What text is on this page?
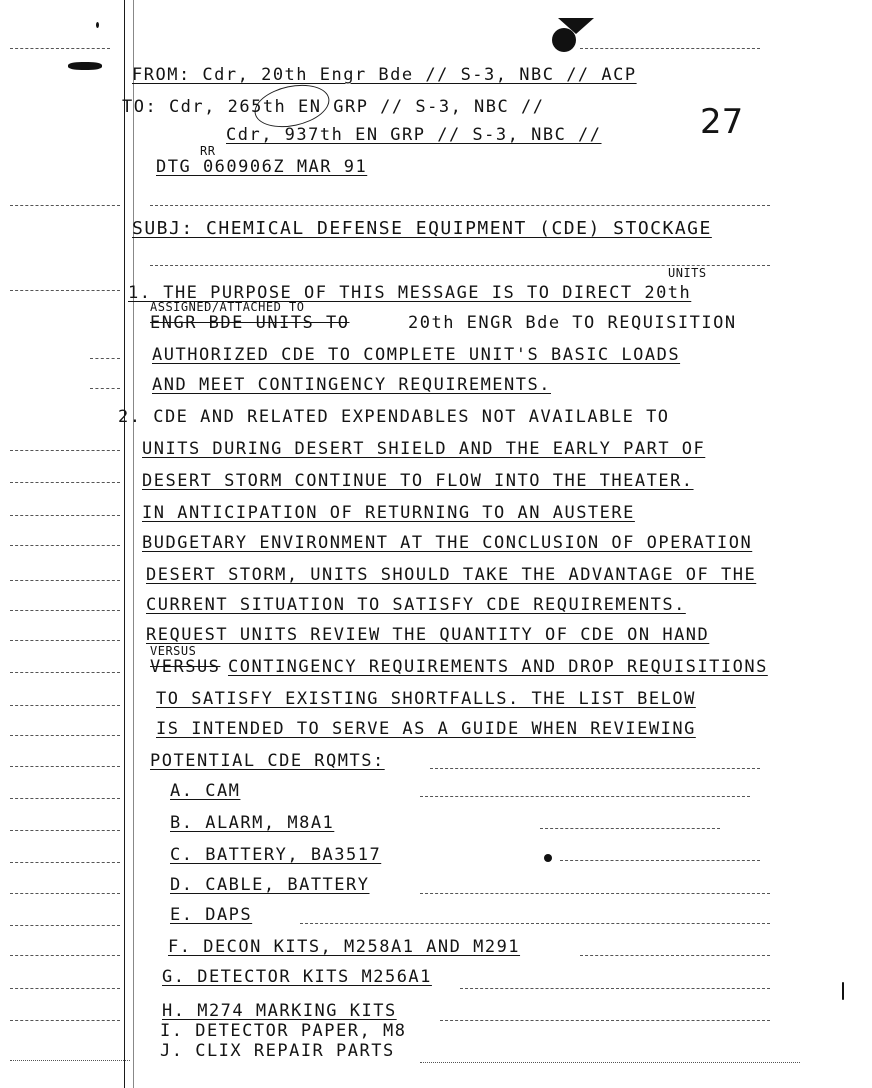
FROM: Cdr, 20th Engr Bde // S-3, NBC // ACP
TO: Cdr, 265th EN GRP // S-3, NBC //
Cdr, 937th EN GRP // S-3, NBC //	27
RR
DTG 060906Z MAR 91
SUBJ: CHEMICAL DEFENSE EQUIPMENT (CDE) STOCKAGE
UNITS
1. THE PURPOSE OF THIS MESSAGE IS TO DIRECT 20th
ASSIGNED/ATTACHED TO
ENGR BDE UNITS TO	20th ENGR Bde TO REQUISITION
AUTHORIZED CDE TO COMPLETE UNIT'S BASIC LOADS
AND MEET CONTINGENCY REQUIREMENTS.
2. CDE AND RELATED EXPENDABLES NOT AVAILABLE TO
UNITS DURING DESERT SHIELD AND THE EARLY PART OF
DESERT STORM CONTINUE TO FLOW INTO THE THEATER.
IN ANTICIPATION OF RETURNING TO AN AUSTERE
BUDGETARY ENVIRONMENT AT THE CONCLUSION OF OPERATION
DESERT STORM, UNITS SHOULD TAKE THE ADVANTAGE OF THE
CURRENT SITUATION TO SATISFY CDE REQUIREMENTS.
REQUEST UNITS REVIEW THE QUANTITY OF CDE ON HAND
VERSUS
VERSUS CONTINGENCY REQUIREMENTS AND DROP REQUISITIONS
TO SATISFY EXISTING SHORTFALLS. THE LIST BELOW
IS INTENDED TO SERVE AS A GUIDE WHEN REVIEWING
POTENTIAL CDE RQMTS:
A. CAM
B. ALARM, M8A1
C. BATTERY, BA3517
D. CABLE, BATTERY
E. DAPS
F. DECON KITS, M258A1 AND M291
G. DETECTOR KITS M256A1
H. M274 MARKING KITS
I. DETECTOR PAPER, M8
J. CLIX REPAIR PARTS
